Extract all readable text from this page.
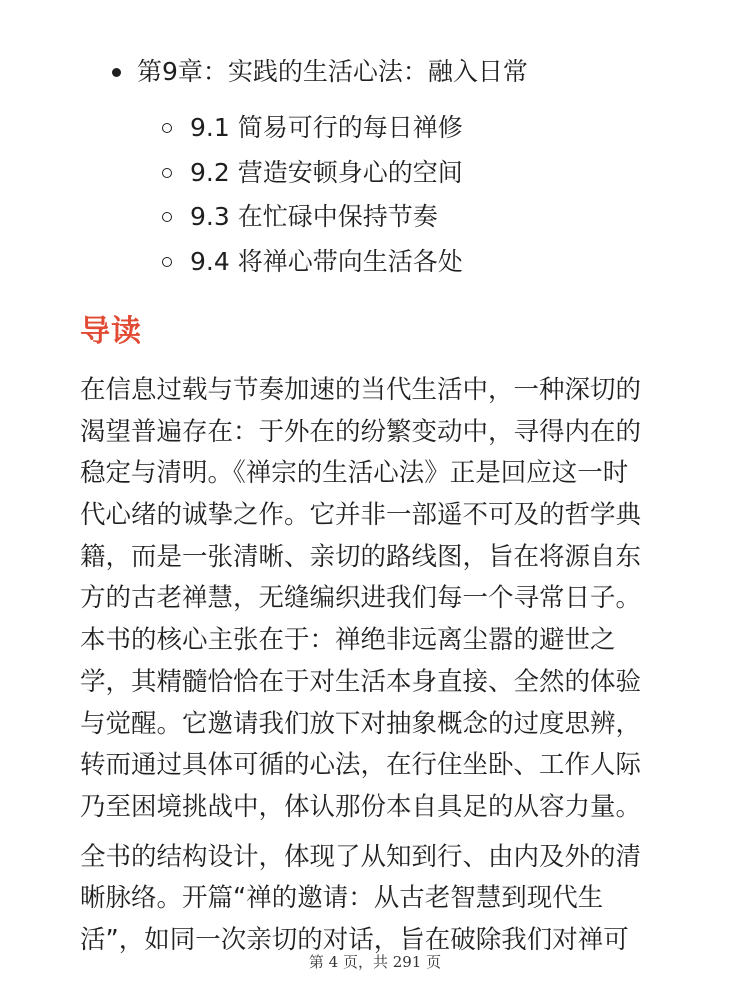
第9章：实践的生活心法：融入日常
9.1 简易可行的每日禅修
9.2 营造安顿身心的空间
9.3 在忙碌中保持节奏
9.4 将禅心带向生活各处
导读

在信息过载与节奏加速的当代生活中，一种深切的
渴望普遍存在：于外在的纷繁变动中，寻得内在的
稳定与清明。《禅宗的生活心法》正是回应这一时
代心绪的诚挚之作。它并非一部遥不可及的哲学典
籍，而是一张清晰、亲切的路线图，旨在将源自东
方的古老禅慧，无缝编织进我们每一个寻常日子。
本书的核心主张在于：禅绝非远离尘嚣的避世之
学，其精髓恰恰在于对生活本身直接、全然的体验
与觉醒。它邀请我们放下对抽象概念的过度思辨，
转而通过具体可循的心法，在行住坐卧、工作人际
乃至困境挑战中，体认那份本自具足的从容力量。

全书的结构设计，体现了从知到行、由内及外的清
晰脉络。开篇“禅的邀请：从古老智慧到现代生
活”，如同一次亲切的对话，旨在破除我们对禅可

第 4 页，共 291 页
